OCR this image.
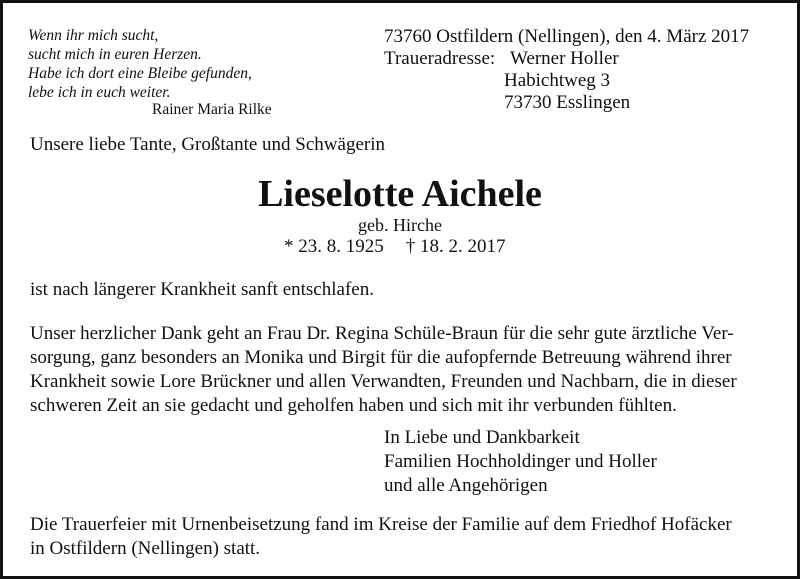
Wenn ihr mich sucht,
sucht mich in euren Herzen.
Habe ich dort eine Bleibe gefunden,
lebe ich in euch weiter.
Rainer Maria Rilke
73760 Ostfildern (Nellingen), den 4. März 2017
Traueradresse: Werner Holler
Habichtweg 3
73730 Esslingen
Unsere liebe Tante, Großtante und Schwägerin
Lieselotte Aichele
geb. Hirche
* 23. 8. 1925 † 18. 2. 2017
ist nach längerer Krankheit sanft entschlafen.
Unser herzlicher Dank geht an Frau Dr. Regina Schüle-Braun für die sehr gute ärztliche Ver-
sorgung, ganz besonders an Monika und Birgit für die aufopfernde Betreuung während ihrer
Krankheit sowie Lore Brückner und allen Verwandten, Freunden und Nachbarn, die in dieser
schweren Zeit an sie gedacht und geholfen haben und sich mit ihr verbunden fühlten.
In Liebe und Dankbarkeit
Familien Hochholdinger und Holler
und alle Angehörigen
Die Trauerfeier mit Urnenbeisetzung fand im Kreise der Familie auf dem Friedhof Hofäcker
in Ostfildern (Nellingen) statt.
